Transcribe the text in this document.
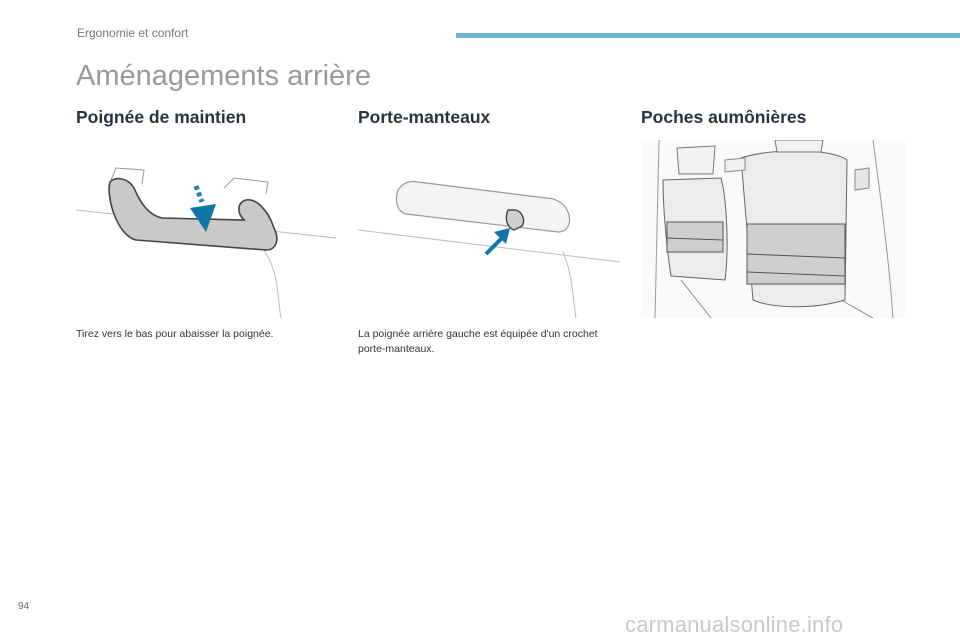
Ergonomie et confort
Aménagements arrière
Poignée de maintien

Tirez vers le bas pour abaisser la poignée.

Porte-manteaux

La poignée arrière gauche est équipée d'un crochet porte-manteaux.

Poches aumônières
94
carmanualsonline.info
